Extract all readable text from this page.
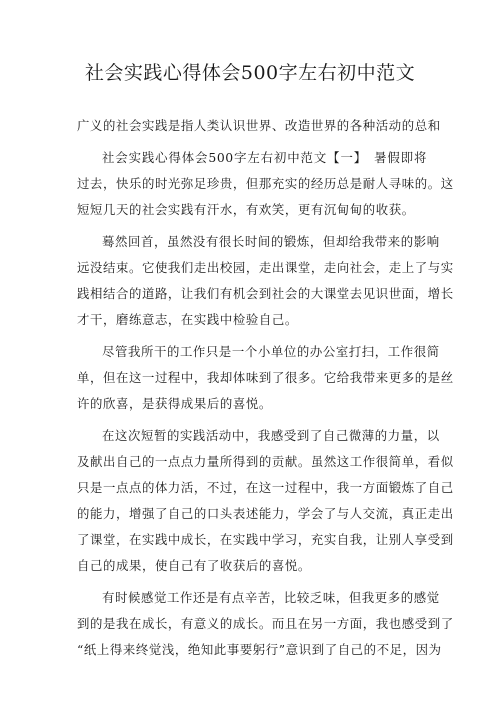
社会实践心得体会500字左右初中范文
广义的社会实践是指人类认识世界、改造世界的各种活动的总和
社会实践心得体会500字左右初中范文【一】　暑假即将
过去，快乐的时光弥足珍贵，但那充实的经历总是耐人寻味的。这
短短几天的社会实践有汗水，有欢笑，更有沉甸甸的收获。
蓦然回首，虽然没有很长时间的锻炼，但却给我带来的影响
远没结束。它使我们走出校园，走出课堂，走向社会，走上了与实
践相结合的道路，让我们有机会到社会的大课堂去见识世面，增长
才干，磨练意志，在实践中检验自己。
尽管我所干的工作只是一个小单位的办公室打扫，工作很简
单，但在这一过程中，我却体味到了很多。它给我带来更多的是丝
许的欣喜，是获得成果后的喜悦。
在这次短暂的实践活动中，我感受到了自己微薄的力量，以
及献出自己的一点点力量所得到的贡献。虽然这工作很简单，看似
只是一点点的体力活，不过，在这一过程中，我一方面锻炼了自己
的能力，增强了自己的口头表述能力，学会了与人交流，真正走出
了课堂，在实践中成长，在实践中学习，充实自我，让别人享受到
自己的成果，使自己有了收获后的喜悦。
有时候感觉工作还是有点辛苦，比较乏味，但我更多的感觉
到的是我在成长，有意义的成长。而且在另一方面，我也感受到了
“纸上得来终觉浅，绝知此事要躬行”意识到了自己的不足，因为
